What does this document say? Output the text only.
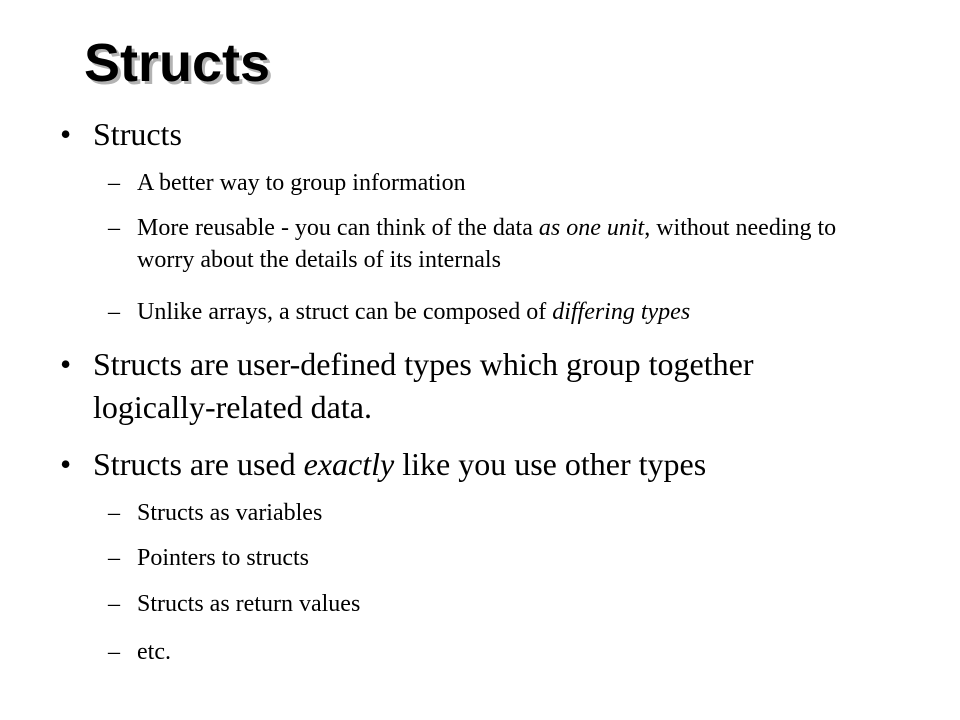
Structs
• Structs
– A better way to group information
– More reusable - you can think of the data as one unit, without needing to worry about the details of its internals
– Unlike arrays, a struct can be composed of differing types
• Structs are user-defined types which group together logically-related data.
• Structs are used exactly like you use other types
– Structs as variables
– Pointers to structs
– Structs as return values
– etc.
